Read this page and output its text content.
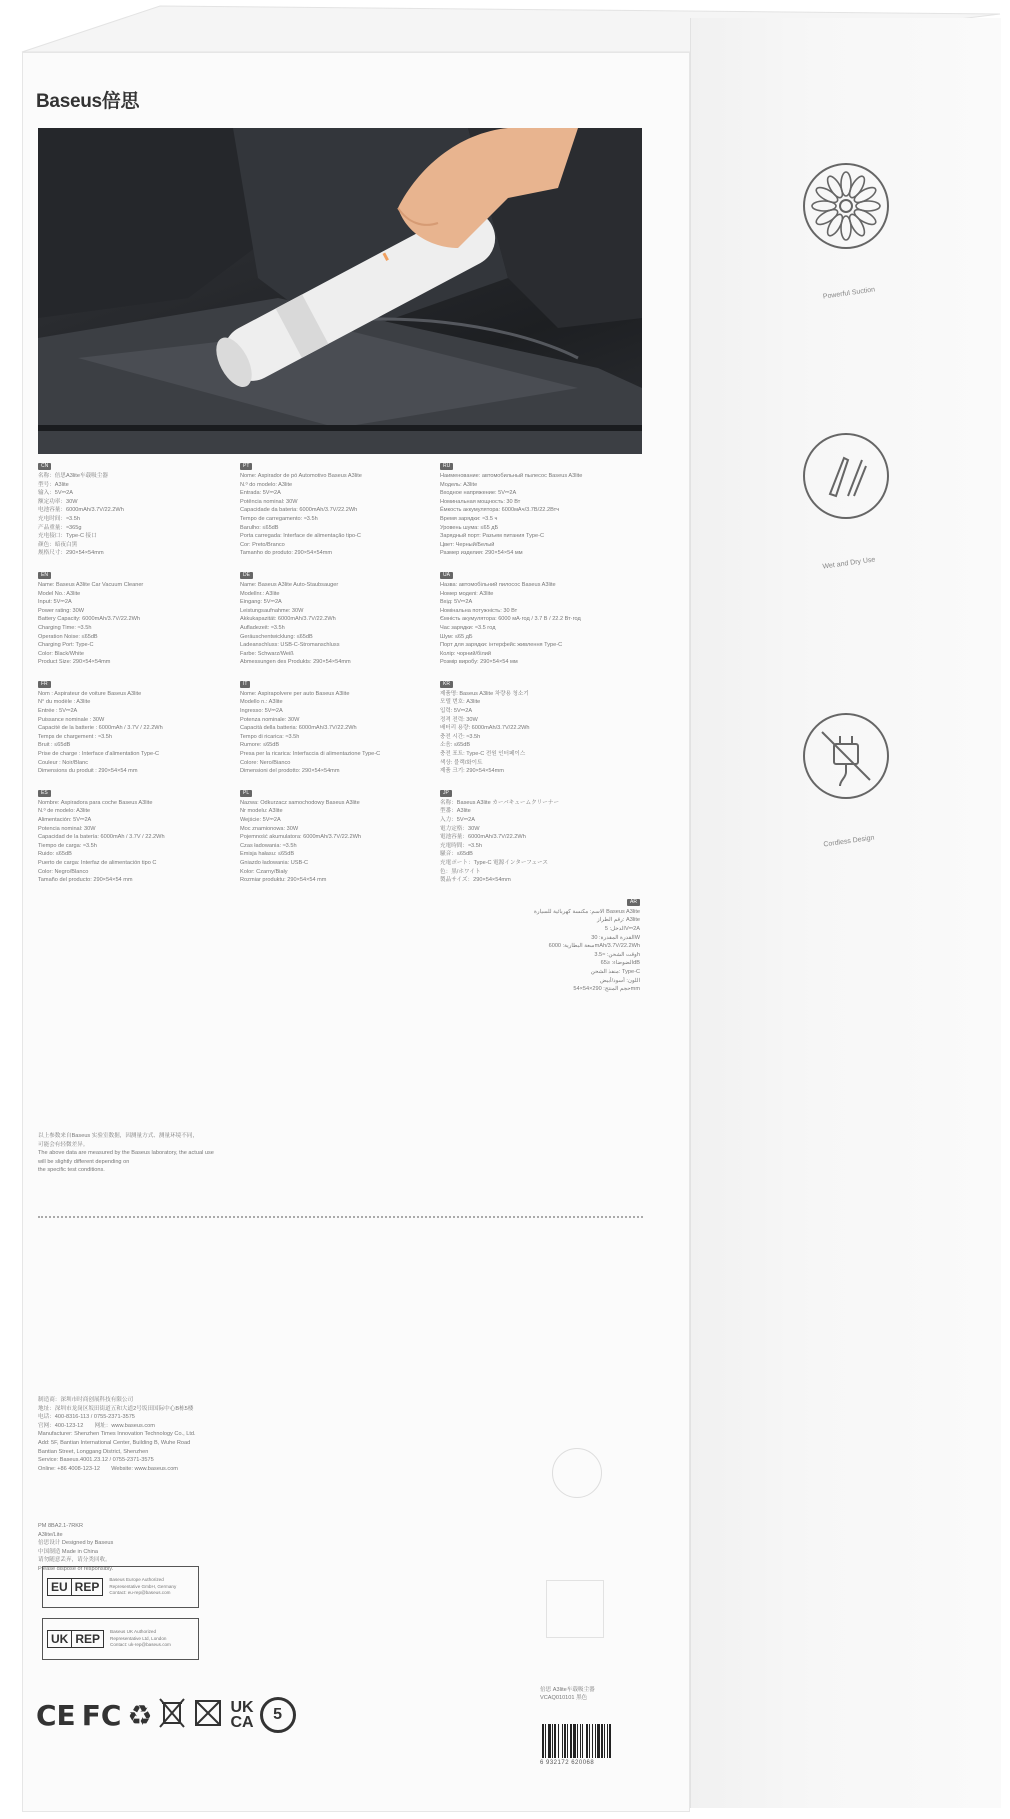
Baseus倍思
CN
名称：倍思A3lite车载吸尘器
型号：A3lite
输入：5V⎓2A
额定功率：30W
电池容量：6000mAh/3.7V/22.2Wh
充电时间：≈3.5h
产品重量：≈365g
充电接口：Type-C 接口
颜色：暗夜白黑
规格尺寸：290×54×54mm
EN
Name: Baseus A3lite Car Vacuum Cleaner
Model No.: A3lite
Input: 5V⎓2A
Power rating: 30W
Battery Capacity: 6000mAh/3.7V/22.2Wh
Charging Time: ≈3.5h
Operation Noise: ≤65dB
Charging Port: Type-C
Color: Black/White
Product Size: 290×54×54mm
FR
Nom : Aspirateur de voiture Baseus A3lite
N° du modèle : A3lite
Entrée : 5V⎓2A
Puissance nominale : 30W
Capacité de la batterie : 6000mAh / 3.7V / 22.2Wh
Temps de chargement : ≈3.5h
Bruit : ≤65dB
Prise de charge : Interface d'alimentation Type-C
Couleur : Noir/Blanc
Dimensions du produit : 290×54×54 mm
ES
Nombre: Aspiradora para coche Baseus A3lite
N.º de modelo: A3lite
Alimentación: 5V⎓2A
Potencia nominal: 30W
Capacidad de la batería: 6000mAh / 3.7V / 22.2Wh
Tiempo de carga: ≈3.5h
Ruido: ≤65dB
Puerto de carga: Interfaz de alimentación tipo C
Color: Negro/Blanco
Tamaño del producto: 290×54×54 mm
PT
Nome: Aspirador de pó Automotivo Baseus A3lite
N.º do modelo: A3lite
Entrada: 5V⎓2A
Potência nominal: 30W
Capacidade da bateria: 6000mAh/3.7V/22.2Wh
Tempo de carregamento: ≈3.5h
Barulho: ≤65dB
Porta carregada: Interface de alimentação tipo-C
Cor: Preto/Branco
Tamanho do produto: 290×54×54mm
DE
Name: Baseus A3lite Auto-Staubsauger
Modellnr.: A3lite
Eingang: 5V⎓2A
Leistungsaufnahme: 30W
Akkukapazität: 6000mAh/3.7V/22.2Wh
Aufladezeit: ≈3.5h
Geräuschentwicklung: ≤65dB
Ladeanschluss: USB-C-Stromanschluss
Farbe: Schwarz/Weiß
Abmessungen des Produkts: 290×54×54mm
IT
Nome: Aspirapolvere per auto Baseus A3lite
Modello n.: A3lite
Ingresso: 5V⎓2A
Potenza nominale: 30W
Capacità della batteria: 6000mAh/3.7V/22.2Wh
Tempo di ricarica: ≈3.5h
Rumore: ≤65dB
Presa per la ricarica: Interfaccia di alimentazione Type-C
Colore: Nero/Bianco
Dimensioni del prodotto: 290×54×54mm
PL
Nazwa: Odkurzacz samochodowy Baseus A3lite
Nr modelu: A3lite
Wejście: 5V⎓2A
Moc znamionowa: 30W
Pojemność akumulatora: 6000mAh/3.7V/22.2Wh
Czas ładowania: ≈3.5h
Emisja hałasu: ≤65dB
Gniazdo ładowania: USB-C
Kolor: Czarny/Biały
Rozmiar produktu: 290×54×54 mm
RU
Наименование: автомобильный пылесос Baseus A3lite
Модель: A3lite
Входное напряжение: 5V⎓2A
Номинальная мощность: 30 Вт
Ёмкость аккумулятора: 6000мАч/3.7В/22.2Втч
Время зарядки: ≈3.5 ч
Уровень шума: ≤65 дБ
Зарядный порт: Разъем питания Type-C
Цвет: Черный/Белый
Размер изделия: 290×54×54 мм
UA
Назва: автомобільний пилосос Baseus A3lite
Номер моделі: A3lite
Вхід: 5V⎓2A
Номінальна потужність: 30 Вт
Ємність акумулятора: 6000 мА·год / 3.7 В / 22.2 Вт·год
Час зарядки: ≈3.5 год
Шум: ≤65 дБ
Порт для зарядки: інтерфейс живлення Type-C
Колір: чорний/білий
Розмір виробу: 290×54×54 мм
KR
제품명: Baseus A3lite 차량용 청소기
모델 번호: A3lite
입력: 5V⎓2A
정격 전력: 30W
배터리 용량: 6000mAh/3.7V/22.2Wh
충전 시간: ≈3.5h
소음: ≤65dB
충전 포트: Type-C 전원 인터페이스
색상: 블랙/화이트
제품 크기: 290×54×54mm
JP
名称：Baseus A3lite カーバキュームクリーナー
型番：A3lite
入力：5V⎓2A
電力定格：30W
電池容量：6000mAh/3.7V/22.2Wh
充電時間：≈3.5h
騒音：≤65dB
充電ポート：Type-C 電源インターフェース
色：黒/ホワイト
製品サイズ：290×54×54mm
AR
الاسم: مكنسة كهربائية للسيارة Baseus A3lite
رقم الطراز: A3lite
الدخل: 5V⎓2A
القدرة المقدرة: 30W
سعة البطارية: 6000mAh/3.7V/22.2Wh
وقت الشحن: ≈3.5h
الضوضاء: ≤65dB
منفذ الشحن: Type-C
اللون: أسود/أبيض
حجم المنتج: 290×54×54mm
以上参数来自Baseus 实验室数据，因测量方式、测量环境不同，
可能会有轻微差异。
The above data are measured by the Baseus laboratory, the actual use
will be slightly different depending on
the specific test conditions.
制造商：深圳市时商创展科技有限公司
地址：深圳市龙岗区坂田街道五和大道2号坂田国际中心B栋5楼
电话：400-8316-113 / 0755-2371-3575
官网：400-123-12　　网址：www.baseus.com
Manufacturer: Shenzhen Times Innovation Technology Co., Ltd.
Add: 5F, Bantian International Center, Building B, Wuhe Road
Bantian Street, Longgang District, Shenzhen
Service: Baseus.4001.23.12 / 0755-2371-3575
Online: +86 4008-123-12　　Website: www.baseus.com
PM 8BA2.1-7RKR
A3lite/Lite
倍思设计 Designed by Baseus
中国制造 Made in China
请勿随意丢弃，请分类回收。
Please dispose of responsibly.
EU REP
Baseus Europe Authorized
Representative GmbH, Germany
Contact: eu-rep@baseus.com
UK REP
Baseus UK Authorized
Representative Ltd, London
Contact: uk-rep@baseus.com
CE FC ♻	UK
CA	5
倍思 A3lite车载吸尘器
VCAQ010101 黑色
6 932172 620068
Powerful Suction
Wet and Dry Use
Cordless Design
